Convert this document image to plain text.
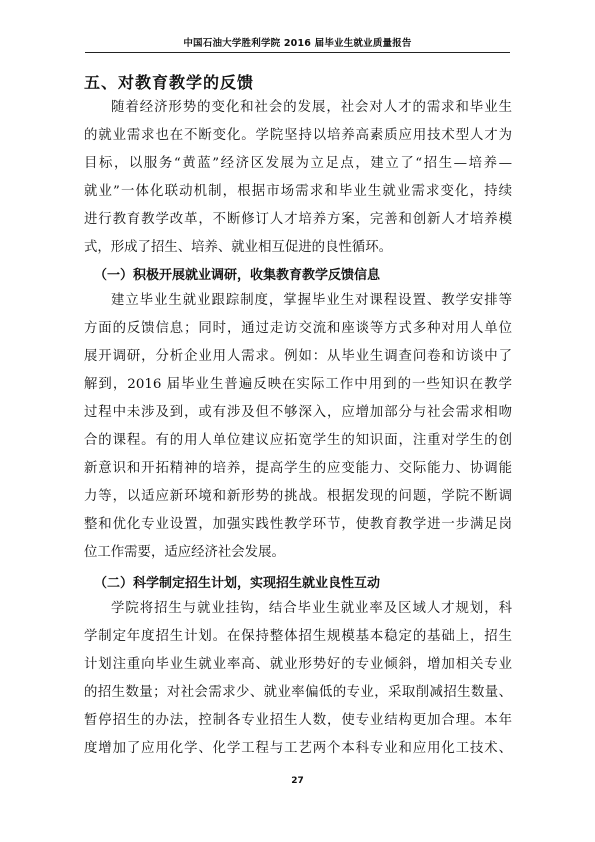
中国石油大学胜利学院 2016 届毕业生就业质量报告
五、对教育教学的反馈
随着经济形势的变化和社会的发展，社会对人才的需求和毕业生
的就业需求也在不断变化。学院坚持以培养高素质应用技术型人才为
目标，以服务“黄蓝”经济区发展为立足点，建立了“招生—培养—
就业”一体化联动机制，根据市场需求和毕业生就业需求变化，持续
进行教育教学改革，不断修订人才培养方案，完善和创新人才培养模
式，形成了招生、培养、就业相互促进的良性循环。
（一）积极开展就业调研，收集教育教学反馈信息
建立毕业生就业跟踪制度，掌握毕业生对课程设置、教学安排等
方面的反馈信息；同时，通过走访交流和座谈等方式多种对用人单位
展开调研，分析企业用人需求。例如：从毕业生调查问卷和访谈中了
解到，2016 届毕业生普遍反映在实际工作中用到的一些知识在教学
过程中未涉及到，或有涉及但不够深入，应增加部分与社会需求相吻
合的课程。有的用人单位建议应拓宽学生的知识面，注重对学生的创
新意识和开拓精神的培养，提高学生的应变能力、交际能力、协调能
力等，以适应新环境和新形势的挑战。根据发现的问题，学院不断调
整和优化专业设置，加强实践性教学环节，使教育教学进一步满足岗
位工作需要，适应经济社会发展。
（二）科学制定招生计划，实现招生就业良性互动
学院将招生与就业挂钩，结合毕业生就业率及区域人才规划，科
学制定年度招生计划。在保持整体招生规模基本稳定的基础上，招生
计划注重向毕业生就业率高、就业形势好的专业倾斜，增加相关专业
的招生数量；对社会需求少、就业率偏低的专业，采取削减招生数量、
暂停招生的办法，控制各专业招生人数，使专业结构更加合理。本年
度增加了应用化学、化学工程与工艺两个本科专业和应用化工技术、
27
